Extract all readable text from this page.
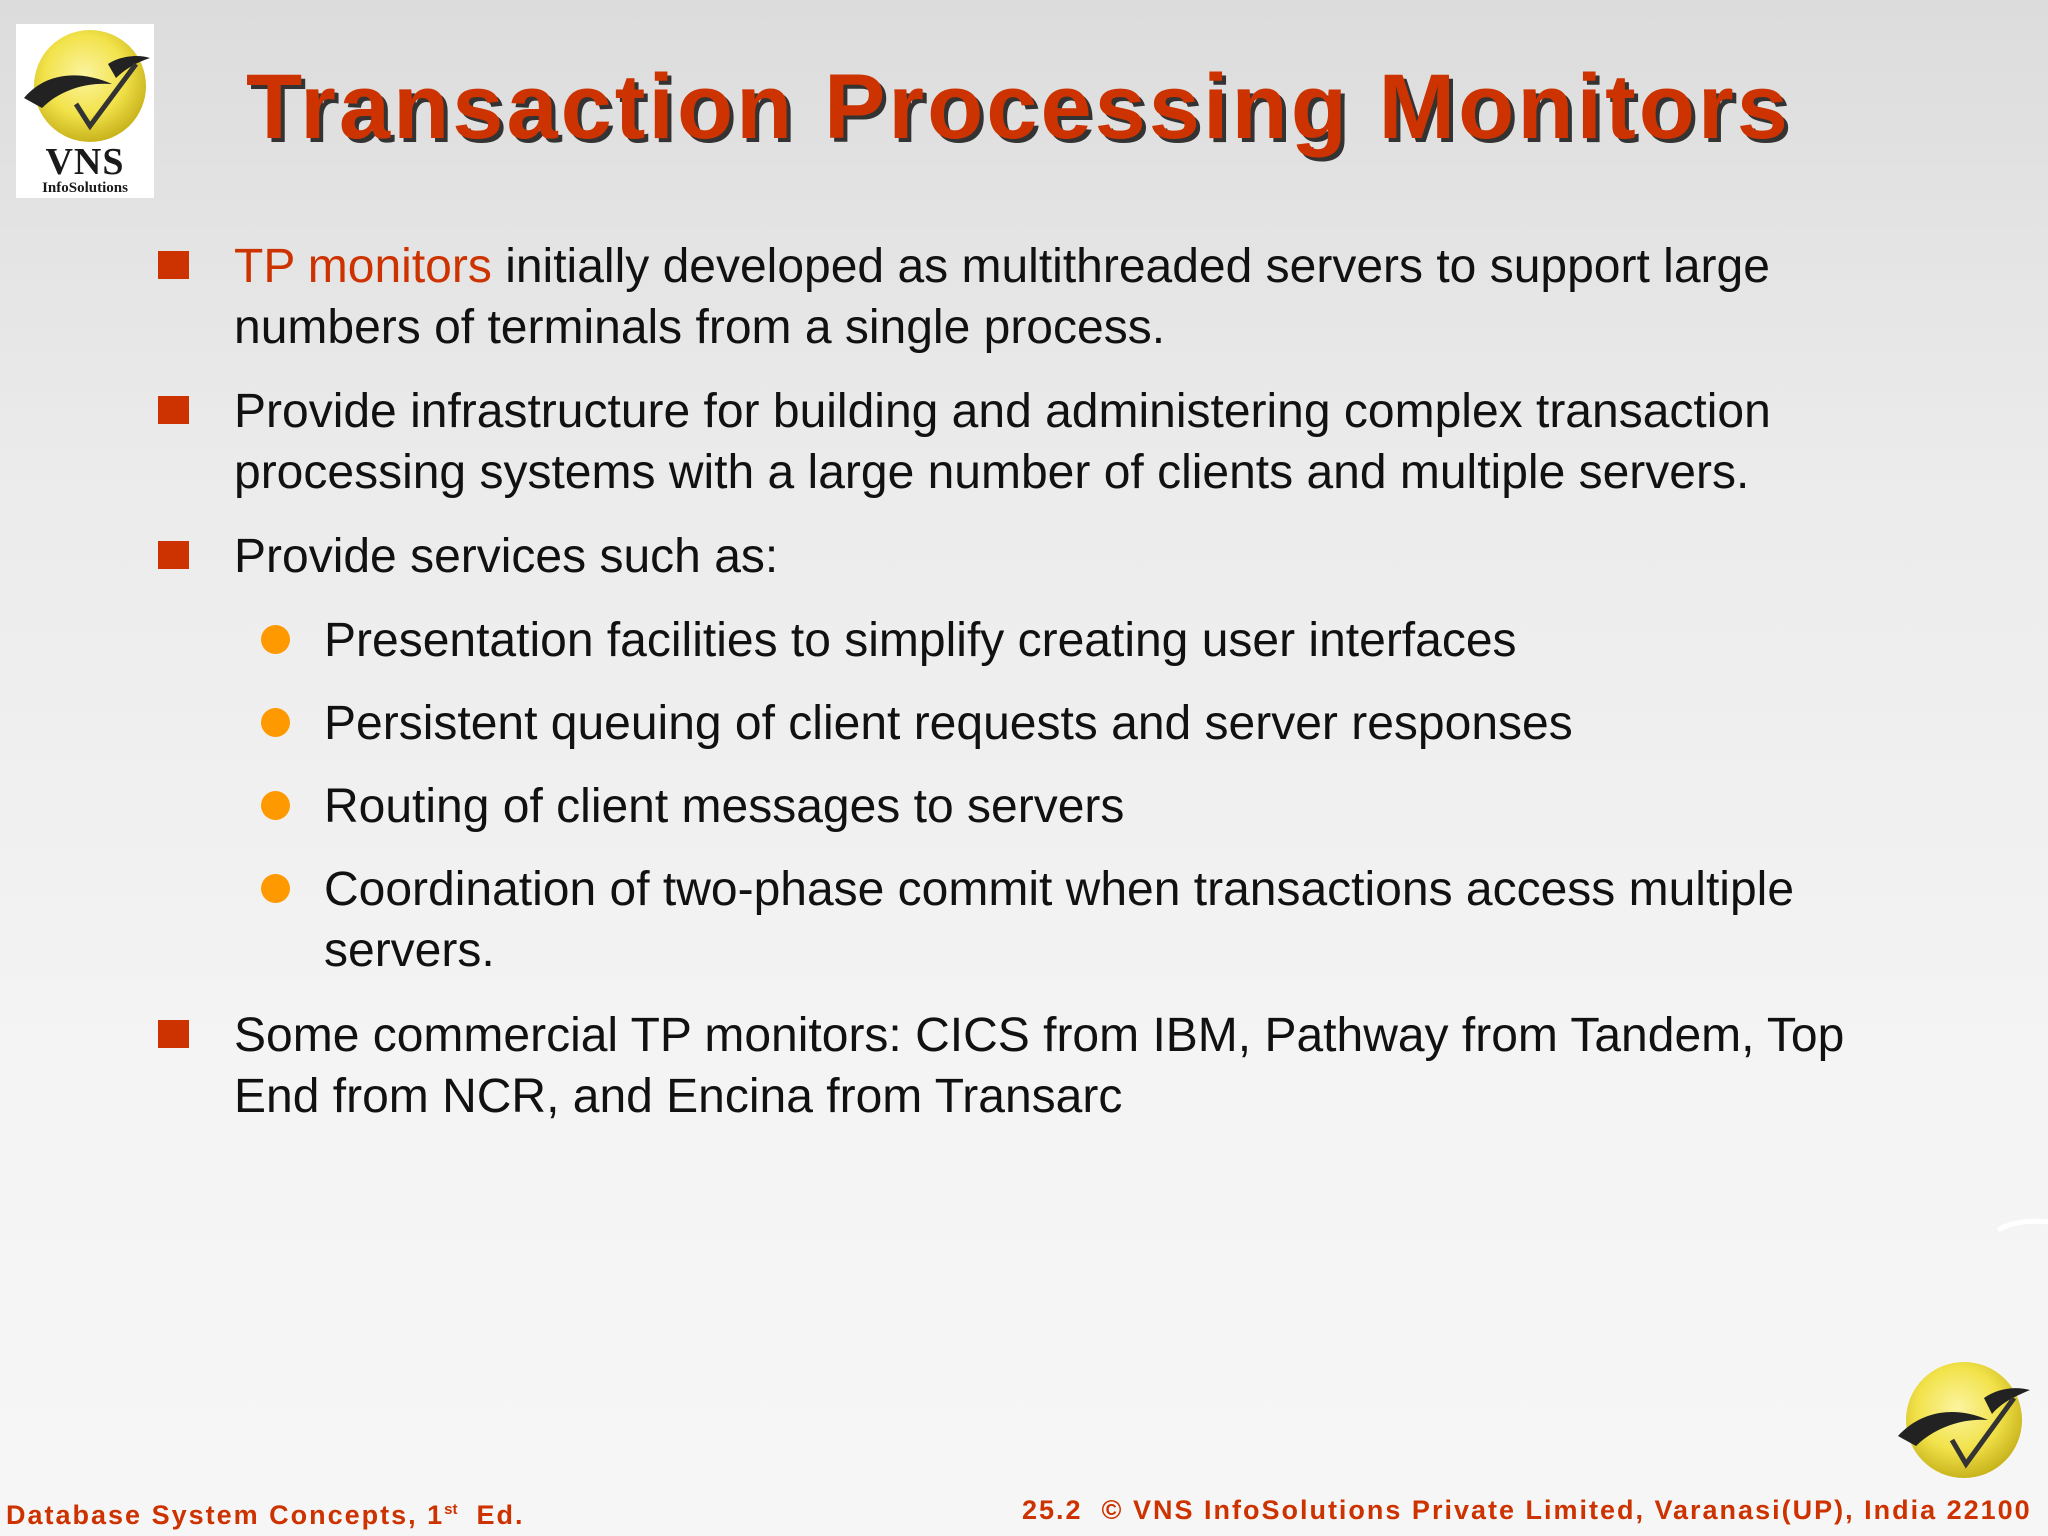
VNS
InfoSolutions
Transaction Processing Monitors
TP monitors initially developed as multithreaded servers to support large numbers of terminals from a single process.
Provide infrastructure for building and administering complex transaction processing systems with a large number of clients and multiple servers.
Provide services such as:
Presentation facilities to simplify creating user interfaces
Persistent queuing of client requests and server responses
Routing of client messages to servers
Coordination of two-phase commit when transactions access multiple servers.
Some commercial TP monitors: CICS from IBM, Pathway from Tandem, Top End from NCR, and Encina from Transarc
Database System Concepts, 1st  Ed.	25.2  © VNS InfoSolutions Private Limited, Varanasi(UP), India 22100
